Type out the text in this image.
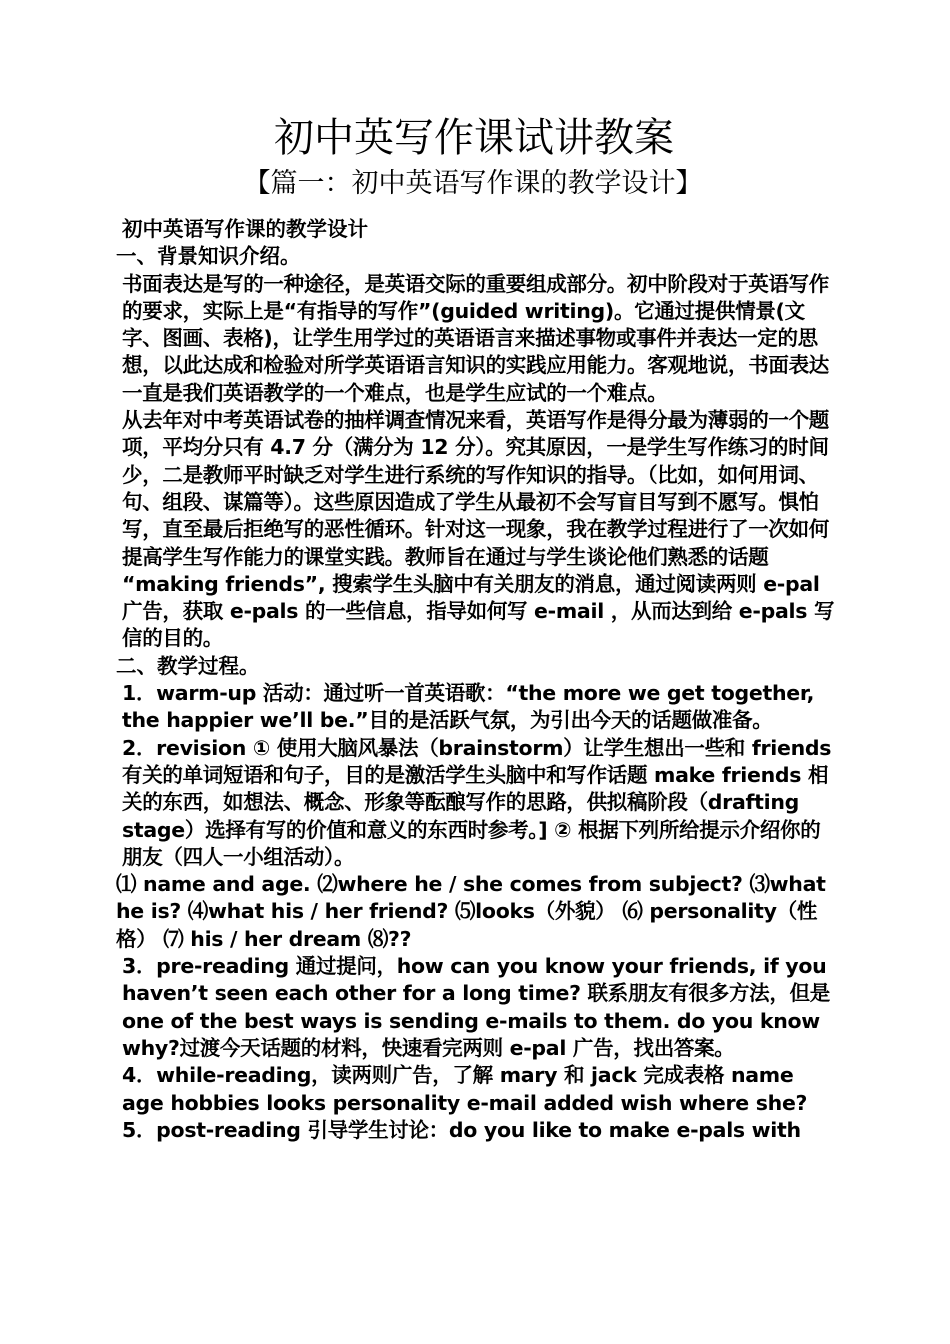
初中英写作课试讲教案
【篇一：初中英语写作课的教学设计】

初中英语写作课的教学设计

一、背景知识介绍。

书面表达是写的一种途径，是英语交际的重要组成部分。初中阶段对于英语写作的要求，实际上是“有指导的写作”(guided writing)。它通过提供情景(文字、图画、表格)，让学生用学过的英语语言来描述事物或事件并表达一定的思想，以此达成和检验对所学英语语言知识的实践应用能力。客观地说，书面表达一直是我们英语教学的一个难点，也是学生应试的一个难点。

从去年对中考英语试卷的抽样调查情况来看，英语写作是得分最为薄弱的一个题项，平均分只有 4.7 分（满分为 12 分）。究其原因，一是学生写作练习的时间少，二是教师平时缺乏对学生进行系统的写作知识的指导。（比如，如何用词、句、组段、谋篇等）。这些原因造成了学生从最初不会写盲目写到不愿写。惧怕写，直至最后拒绝写的恶性循环。针对这一现象，我在教学过程进行了一次如何提高学生写作能力的课堂实践。教师旨在通过与学生谈论他们熟悉的话题 “making friends”, 搜索学生头脑中有关朋友的消息，通过阅读两则 e-pal 广告，获取 e-pals 的一些信息，指导如何写 e-mail ，从而达到给 e-pals 写信的目的。

二、教学过程。

1．warm-up 活动：通过听一首英语歌：“the more we get together, the happier we’ll be.”目的是活跃气氛，为引出今天的话题做准备。

2．revision ① 使用大脑风暴法（brainstorm）让学生想出一些和 friends 有关的单词短语和句子，目的是激活学生头脑中和写作话题 make friends 相关的东西，如想法、概念、形象等酝酿写作的思路，供拟稿阶段（drafting stage）选择有写的价值和意义的东西时参考。] ② 根据下列所给提示介绍你的朋友（四人一小组活动）。

⑴ name and age. ⑵where he / she comes from subject? ⑶what he is? ⑷what his / her friend? ⑸looks（外貌） ⑹ personality（性格） ⑺ his / her dream ⑻??

3．pre-reading 通过提问，how can you know your friends, if you haven’t seen each other for a long time? 联系朋友有很多方法，但是 one of the best ways is sending e-mails to them. do you know why?过渡今天话题的材料，快速看完两则 e-pal 广告，找出答案。

4．while-reading，读两则广告，了解 mary 和 jack 完成表格 name age hobbies looks personality e-mail added wish where she?

5．post-reading 引导学生讨论：do you like to make e-pals with
